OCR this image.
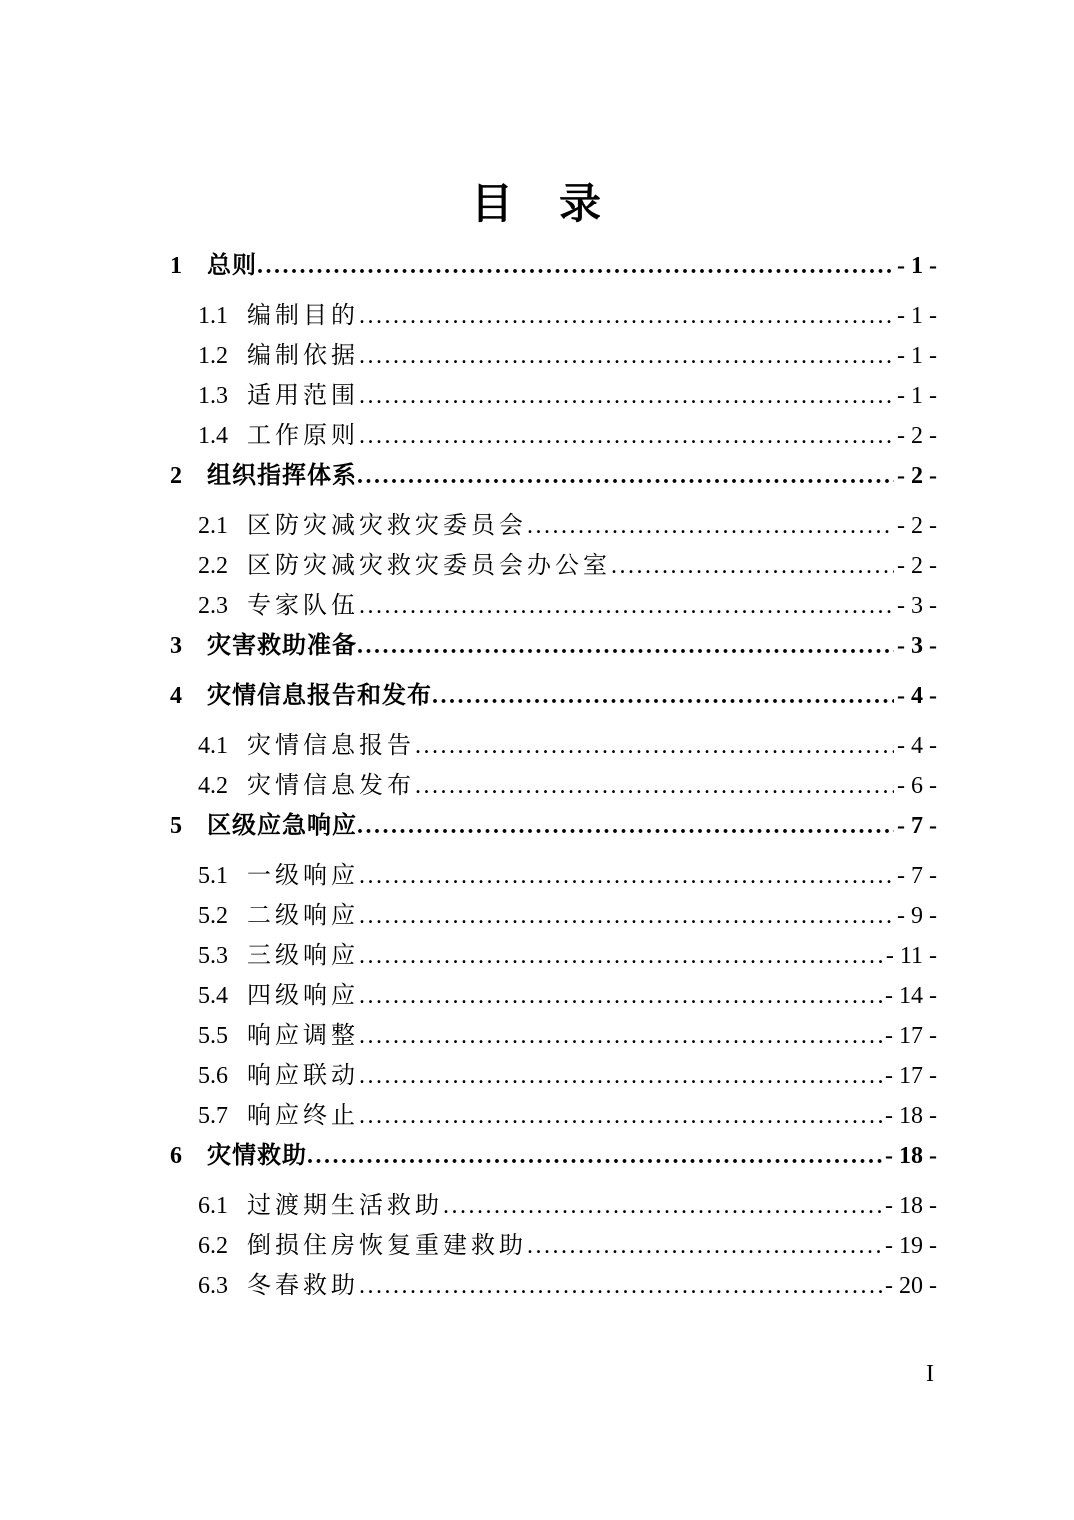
目　录
1	总则 .....	- 1 -
1.1 编制目的 .....	- 1 -
1.2 编制依据 .....	- 1 -
1.3 适用范围 .....	- 1 -
1.4 工作原则 .....	- 2 -
2	组织指挥体系 .....	- 2 -
2.1 区防灾减灾救灾委员会 .....	- 2 -
2.2 区防灾减灾救灾委员会办公室 .....	- 2 -
2.3 专家队伍 .....	- 3 -
3	灾害救助准备 .....	- 3 -
4	灾情信息报告和发布 .....	- 4 -
4.1 灾情信息报告 .....	- 4 -
4.2 灾情信息发布 .....	- 6 -
5	区级应急响应 .....	- 7 -
5.1 一级响应 .....	- 7 -
5.2 二级响应 .....	- 9 -
5.3 三级响应 .....	- 11 -
5.4 四级响应 .....	- 14 -
5.5 响应调整 .....	- 17 -
5.6 响应联动 .....	- 17 -
5.7 响应终止 .....	- 18 -
6	灾情救助 .....	- 18 -
6.1 过渡期生活救助 .....	- 18 -
6.2 倒损住房恢复重建救助 .....	- 19 -
6.3 冬春救助 .....	- 20 -
I
